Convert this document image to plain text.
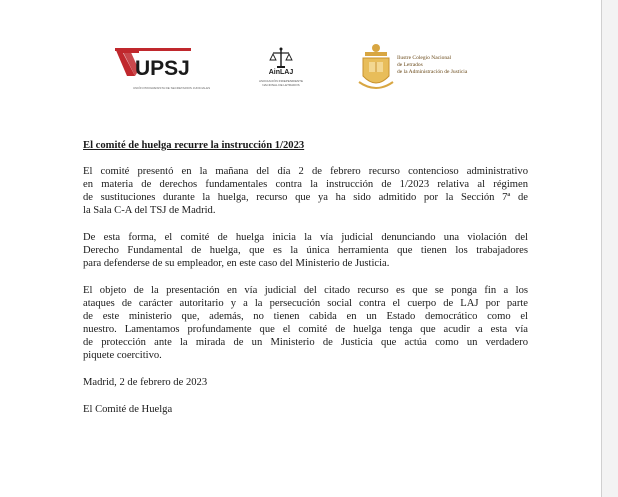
UPSJ
UNIÓN PROGRESISTA DE SECRETARIOS JUDICIALES
AinLAJ
ASOCIACIÓN INDEPENDIENTE NACIONAL DE LETRADOS
Ilustre Colegio Nacional
de Letrados
de la Administración de Justicia
El comité de huelga recurre la instrucción 1/2023
El comité presentó en la mañana del día 2 de febrero recurso contencioso administrativo
en materia de derechos fundamentales contra la instrucción de 1/2023 relativa al régimen
de sustituciones durante la huelga, recurso que ya ha sido admitido por la Sección 7ª de
la Sala C-A del TSJ de Madrid.
De esta forma, el comité de huelga inicia la vía judicial denunciando una violación del
Derecho Fundamental de huelga, que es la única herramienta que tienen los trabajadores
para defenderse de su empleador, en este caso del Ministerio de Justicia.
El objeto de la presentación en vía judicial del citado recurso es que se ponga fin a los
ataques de carácter autoritario y a la persecución social contra el cuerpo de LAJ por parte
de este ministerio que, además, no tienen cabida en un Estado democrático como el
nuestro. Lamentamos profundamente que el comité de huelga tenga que acudir a esta vía
de protección ante la mirada de un Ministerio de Justicia que actúa como un verdadero
piquete coercitivo.
Madrid, 2 de febrero de 2023
El Comité de Huelga
